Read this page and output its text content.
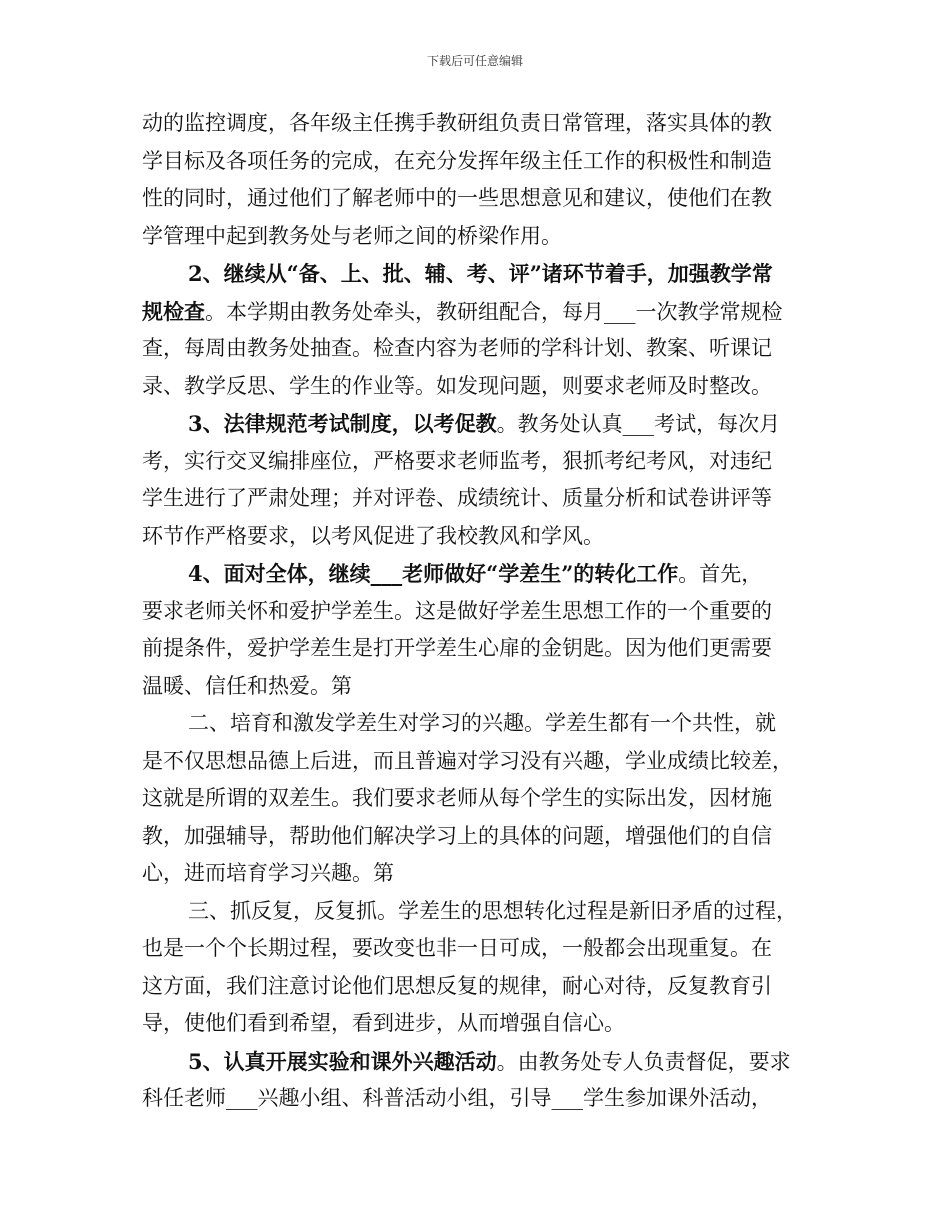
下载后可任意编辑
动的监控调度，各年级主任携手教研组负责日常管理，落实具体的教
学目标及各项任务的完成，在充分发挥年级主任工作的积极性和制造
性的同时，通过他们了解老师中的一些思想意见和建议，使他们在教
学管理中起到教务处与老师之间的桥梁作用。
2、继续从“备、上、批、辅、考、评”诸环节着手，加强教学常
规检查。本学期由教务处牵头，教研组配合，每月___一次教学常规检
查，每周由教务处抽查。检查内容为老师的学科计划、教案、听课记
录、教学反思、学生的作业等。如发现问题，则要求老师及时整改。
3、法律规范考试制度，以考促教。教务处认真___考试，每次月
考，实行交叉编排座位，严格要求老师监考，狠抓考纪考风，对违纪
学生进行了严肃处理；并对评卷、成绩统计、质量分析和试卷讲评等
环节作严格要求，以考风促进了我校教风和学风。
4、面对全体，继续___老师做好“学差生”的转化工作。首先，
要求老师关怀和爱护学差生。这是做好学差生思想工作的一个重要的
前提条件，爱护学差生是打开学差生心扉的金钥匙。因为他们更需要
温暖、信任和热爱。第
二、培育和激发学差生对学习的兴趣。学差生都有一个共性，就
是不仅思想品德上后进，而且普遍对学习没有兴趣，学业成绩比较差，
这就是所谓的双差生。我们要求老师从每个学生的实际出发，因材施
教，加强辅导，帮助他们解决学习上的具体的问题，增强他们的自信
心，进而培育学习兴趣。第
三、抓反复，反复抓。学差生的思想转化过程是新旧矛盾的过程，
也是一个个长期过程，要改变也非一日可成，一般都会出现重复。在
这方面，我们注意讨论他们思想反复的规律，耐心对待，反复教育引
导，使他们看到希望，看到进步，从而增强自信心。
5、认真开展实验和课外兴趣活动。由教务处专人负责督促，要求
科任老师___兴趣小组、科普活动小组，引导___学生参加课外活动，
